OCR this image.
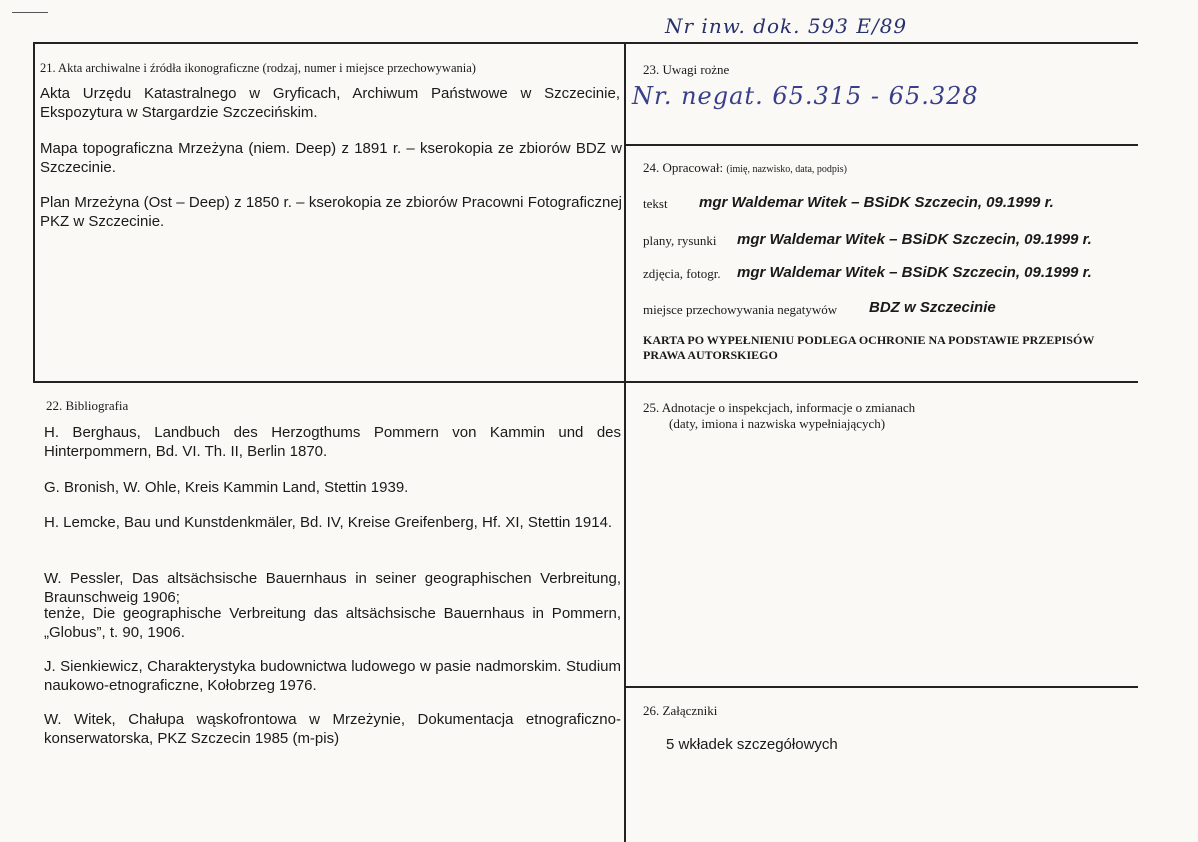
Nr inw. dok. 593 E/89
21. Akta archiwalne i źródła ikonograficzne (rodzaj, numer i miejsce przechowywania)
Akta Urzędu Katastralnego w Gryficach, Archiwum Państwowe w Szczecinie, Ekspozytura w Stargardzie Szczecińskim.
Mapa topograficzna Mrzeżyna (niem. Deep) z 1891 r. – kserokopia ze zbiorów BDZ w Szczecinie.
Plan Mrzeżyna (Ost – Deep) z 1850 r. – kserokopia ze zbiorów Pracowni Fotograficznej PKZ w Szczecinie.
23. Uwagi rożne
Nr. negat. 65.315 - 65.328
24. Opracował: (imię, nazwisko, data, podpis)
tekst mgr Waldemar Witek – BSiDK Szczecin, 09.1999 r.
plany, rysunki mgr Waldemar Witek – BSiDK Szczecin, 09.1999 r.
zdjęcia, fotogr. mgr Waldemar Witek – BSiDK Szczecin, 09.1999 r.
miejsce przechowywania negatywów BDZ w Szczecinie
KARTA PO WYPEŁNIENIU PODLEGA OCHRONIE NA PODSTAWIE PRZEPISÓW PRAWA AUTORSKIEGO
22. Bibliografia
H. Berghaus, Landbuch des Herzogthums Pommern von Kammin und des Hinterpommern, Bd. VI. Th. II, Berlin 1870.
G. Bronish, W. Ohle, Kreis Kammin Land, Stettin 1939.
H. Lemcke, Bau und Kunstdenkmäler, Bd. IV, Kreise Greifenberg, Hf. XI, Stettin 1914.
W. Pessler, Das altsächsische Bauernhaus in seiner geographischen Verbreitung, Braunschweig 1906;
tenże, Die geographische Verbreitung das altsächsische Bauernhaus in Pommern, „Globus”, t. 90, 1906.
J. Sienkiewicz, Charakterystyka budownictwa ludowego w pasie nadmorskim. Studium naukowo-etnograficzne, Kołobrzeg 1976.
W. Witek, Chałupa wąskofrontowa w Mrzeżynie, Dokumentacja etnograficzno-konserwatorska, PKZ Szczecin 1985 (m-pis)
25. Adnotacje o inspekcjach, informacje o zmianach
(daty, imiona i nazwiska wypełniających)
26. Załączniki
5 wkładek szczegółowych
